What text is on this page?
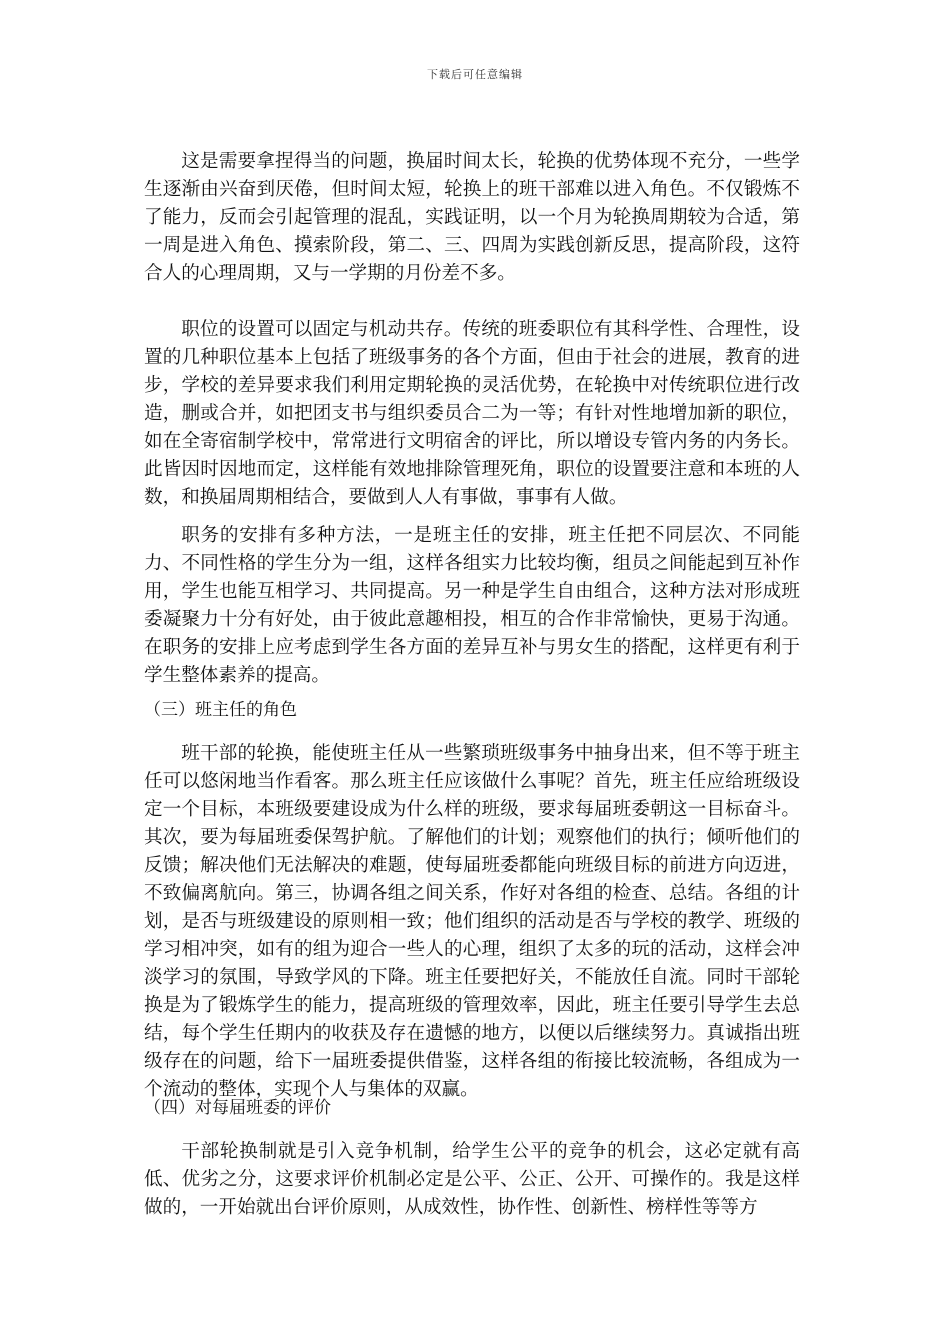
下载后可任意编辑

这是需要拿捏得当的问题，换届时间太长，轮换的优势体现不充分，一些学生逐渐由兴奋到厌倦，但时间太短，轮换上的班干部难以进入角色。不仅锻炼不了能力，反而会引起管理的混乱，实践证明，以一个月为轮换周期较为合适，第一周是进入角色、摸索阶段，第二、三、四周为实践创新反思，提高阶段，这符合人的心理周期，又与一学期的月份差不多。

职位的设置可以固定与机动共存。传统的班委职位有其科学性、合理性，设置的几种职位基本上包括了班级事务的各个方面，但由于社会的进展，教育的进步，学校的差异要求我们利用定期轮换的灵活优势，在轮换中对传统职位进行改造，删或合并，如把团支书与组织委员合二为一等；有针对性地增加新的职位，如在全寄宿制学校中，常常进行文明宿舍的评比，所以增设专管内务的内务长。此皆因时因地而定，这样能有效地排除管理死角，职位的设置要注意和本班的人数，和换届周期相结合，要做到人人有事做，事事有人做。

职务的安排有多种方法，一是班主任的安排，班主任把不同层次、不同能力、不同性格的学生分为一组，这样各组实力比较均衡，组员之间能起到互补作用，学生也能互相学习、共同提高。另一种是学生自由组合，这种方法对形成班委凝聚力十分有好处，由于彼此意趣相投，相互的合作非常愉快，更易于沟通。在职务的安排上应考虑到学生各方面的差异互补与男女生的搭配，这样更有利于学生整体素养的提高。

（三）班主任的角色

班干部的轮换，能使班主任从一些繁琐班级事务中抽身出来，但不等于班主任可以悠闲地当作看客。那么班主任应该做什么事呢？首先，班主任应给班级设定一个目标，本班级要建设成为什么样的班级，要求每届班委朝这一目标奋斗。其次，要为每届班委保驾护航。了解他们的计划；观察他们的执行；倾听他们的反馈；解决他们无法解决的难题，使每届班委都能向班级目标的前进方向迈进，不致偏离航向。第三，协调各组之间关系，作好对各组的检查、总结。各组的计划，是否与班级建设的原则相一致；他们组织的活动是否与学校的教学、班级的学习相冲突，如有的组为迎合一些人的心理，组织了太多的玩的活动，这样会冲淡学习的氛围，导致学风的下降。班主任要把好关，不能放任自流。同时干部轮换是为了锻炼学生的能力，提高班级的管理效率，因此，班主任要引导学生去总结，每个学生任期内的收获及存在遗憾的地方，以便以后继续努力。真诚指出班级存在的问题，给下一届班委提供借鉴，这样各组的衔接比较流畅，各组成为一个流动的整体，实现个人与集体的双赢。

（四）对每届班委的评价

干部轮换制就是引入竞争机制，给学生公平的竞争的机会，这必定就有高低、优劣之分，这要求评价机制必定是公平、公正、公开、可操作的。我是这样做的，一开始就出台评价原则，从成效性，协作性、创新性、榜样性等等方
